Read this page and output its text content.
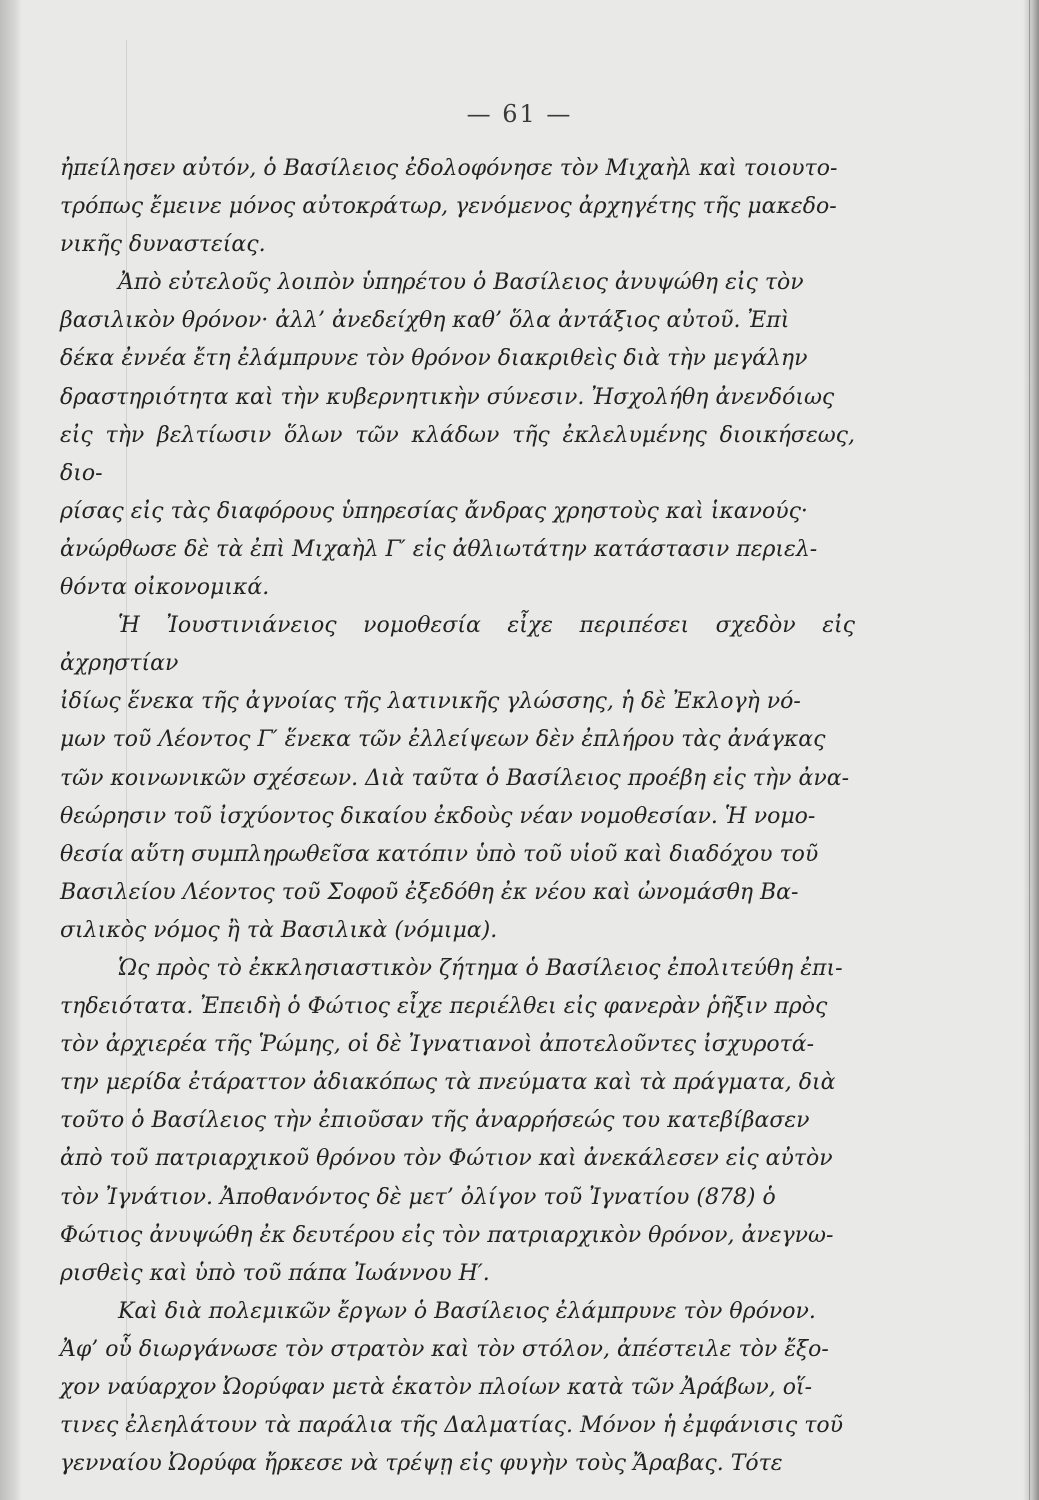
— 61 —

ἠπείλησεν αὐτόν, ὁ Βασίλειος ἐδολοφόνησε τὸν Μιχαὴλ καὶ τοιουτο-

τρόπως ἔμεινε μόνος αὐτοκράτωρ, γενόμενος ἀρχηγέτης τῆς μακεδο-

νικῆς δυναστείας.

Ἀπὸ εὐτελοῦς λοιπὸν ὑπηρέτου ὁ Βασίλειος ἀνυψώθη εἰς τὸν

βασιλικὸν θρόνον· ἀλλ’ ἀνεδείχθη καθ’ ὅλα ἀντάξιος αὐτοῦ. Ἐπὶ

δέκα ἐννέα ἔτη ἐλάμπρυνε τὸν θρόνον διακριθεὶς διὰ τὴν μεγάλην

δραστηριότητα καὶ τὴν κυβερνητικὴν σύνεσιν. Ἠσχολήθη ἀνενδόιως

εἰς τὴν βελτίωσιν ὅλων τῶν κλάδων τῆς ἐκλελυμένης διοικήσεως, διο-

ρίσας εἰς τὰς διαφόρους ὑπηρεσίας ἄνδρας χρηστοὺς καὶ ἱκανούς·

ἀνώρθωσε δὲ τὰ ἐπὶ Μιχαὴλ Γ′ εἰς ἀθλιωτάτην κατάστασιν περιελ-

θόντα οἰκονομικά.

Ἡ Ἰουστινιάνειος νομοθεσία εἶχε περιπέσει σχεδὸν εἰς ἀχρηστίαν

ἰδίως ἕνεκα τῆς ἀγνοίας τῆς λατινικῆς γλώσσης, ἡ δὲ Ἐκλογὴ νό-

μων τοῦ Λέοντος Γ′ ἕνεκα τῶν ἐλλείψεων δὲν ἐπλήρου τὰς ἀνάγκας

τῶν κοινωνικῶν σχέσεων. Διὰ ταῦτα ὁ Βασίλειος προέβη εἰς τὴν ἀνα-

θεώρησιν τοῦ ἰσχύοντος δικαίου ἐκδοὺς νέαν νομοθεσίαν. Ἡ νομο-

θεσία αὕτη συμπληρωθεῖσα κατόπιν ὑπὸ τοῦ υἱοῦ καὶ διαδόχου τοῦ

Βασιλείου Λέοντος τοῦ Σοφοῦ ἐξεδόθη ἐκ νέου καὶ ὠνομάσθη Βα-

σιλικὸς νόμος ἢ τὰ Βασιλικὰ (νόμιμα).

Ὡς πρὸς τὸ ἐκκλησιαστικὸν ζήτημα ὁ Βασίλειος ἐπολιτεύθη ἐπι-

τηδειότατα. Ἐπειδὴ ὁ Φώτιος εἶχε περιέλθει εἰς φανερὰν ῥῆξιν πρὸς

τὸν ἀρχιερέα τῆς Ῥώμης, οἱ δὲ Ἰγνατιανοὶ ἀποτελοῦντες ἰσχυροτά-

την μερίδα ἐτάραττον ἀδιακόπως τὰ πνεύματα καὶ τὰ πράγματα, διὰ

τοῦτο ὁ Βασίλειος τὴν ἐπιοῦσαν τῆς ἀναρρήσεώς του κατεβίβασεν

ἀπὸ τοῦ πατριαρχικοῦ θρόνου τὸν Φώτιον καὶ ἀνεκάλεσεν εἰς αὐτὸν

τὸν Ἰγνάτιον. Ἀποθανόντος δὲ μετ’ ὀλίγον τοῦ Ἰγνατίου (878) ὁ

Φώτιος ἀνυψώθη ἐκ δευτέρου εἰς τὸν πατριαρχικὸν θρόνον, ἀνεγνω-

ρισθεὶς καὶ ὑπὸ τοῦ πάπα Ἰωάννου Η′.

Καὶ διὰ πολεμικῶν ἔργων ὁ Βασίλειος ἐλάμπρυνε τὸν θρόνον.

Ἀφ’ οὗ διωργάνωσε τὸν στρατὸν καὶ τὸν στόλον, ἀπέστειλε τὸν ἔξο-

χον ναύαρχον Ὠορύφαν μετὰ ἑκατὸν πλοίων κατὰ τῶν Ἀράβων, οἵ-

τινες ἐλεηλάτουν τὰ παράλια τῆς Δαλματίας. Μόνον ἡ ἐμφάνισις τοῦ

γενναίου Ὠορύφα ἤρκεσε νὰ τρέψῃ εἰς φυγὴν τοὺς Ἄραβας. Τότε
